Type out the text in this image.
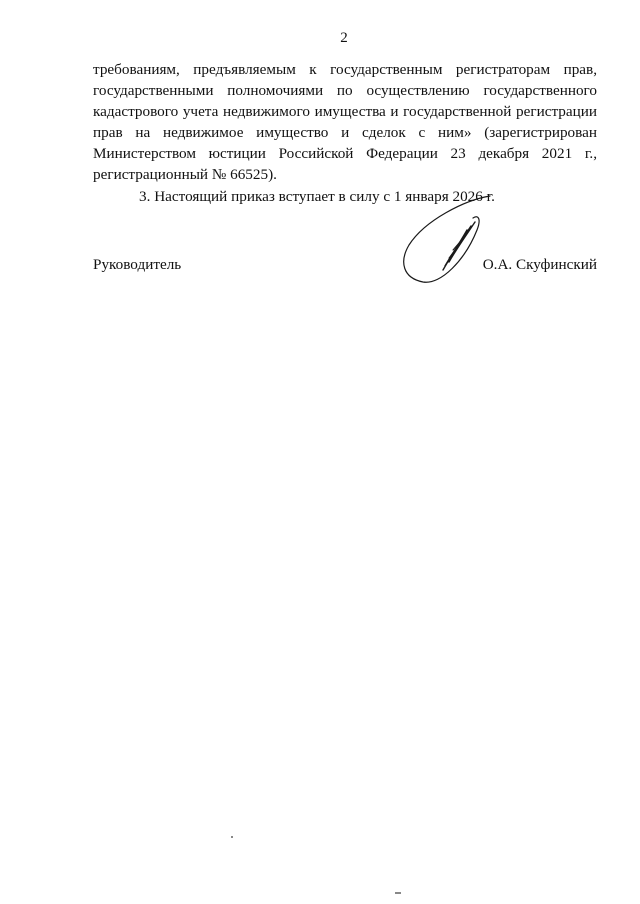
2

требованиям, предъявляемым к государственным регистраторам прав,
государственными полномочиями по осуществлению государственного
кадастрового учета недвижимого имущества и государственной регистрации
прав на недвижимое имущество и сделок с ним» (зарегистрирован
Министерством юстиции Российской Федерации 23 декабря 2021 г.,
регистрационный № 66525).

3. Настоящий приказ вступает в силу с 1 января 2026 г.

Руководитель	О.А. Скуфинский
